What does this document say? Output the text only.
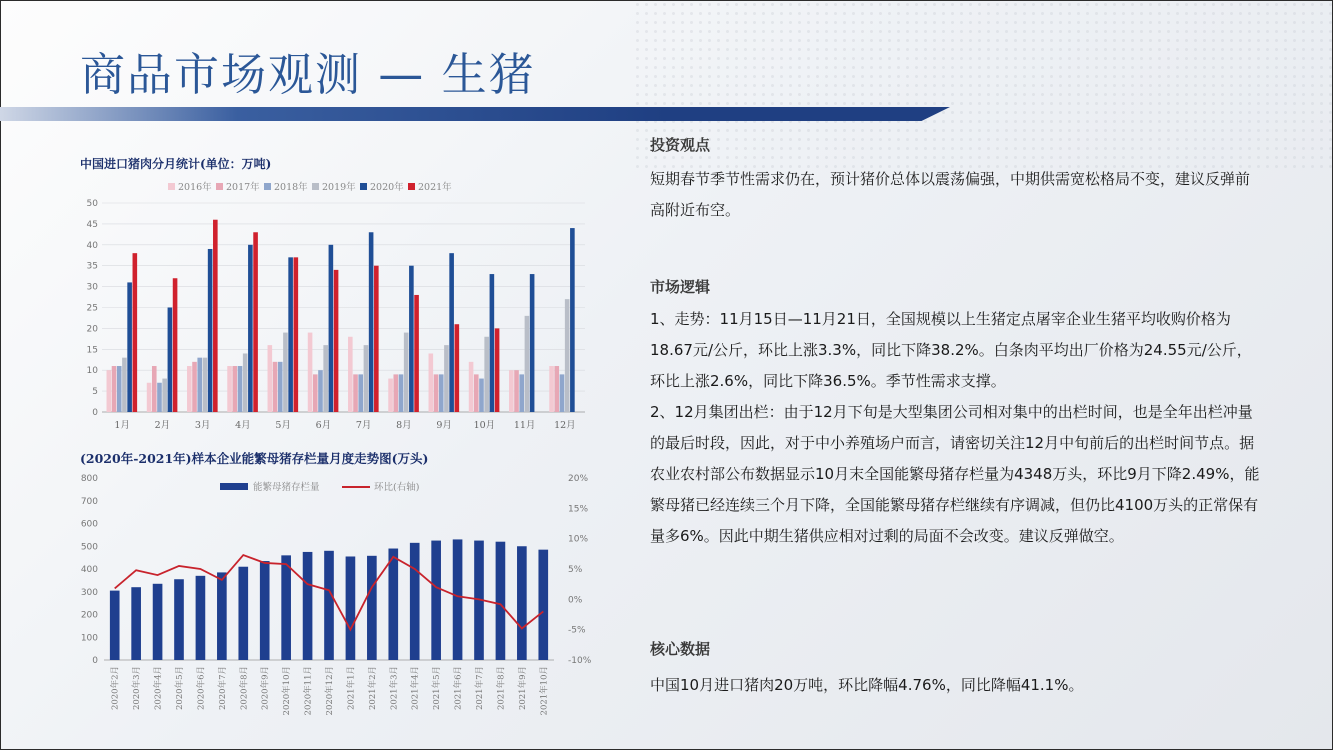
商品市场观测 — 生猪
中国进口猪肉分月统计(单位：万吨)
2016年 2017年 2018年 2019年 2020年 2021年
0
5
10
15
20
25
30
35
40
45
50
1月	2月	3月	4月	5月	6月	7月	8月	9月 10月 11月 12月
(2020年-2021年)样本企业能繁母猪存栏量月度走势图(万头)
能繁母猪存栏量	环比(右轴)
0
100
200
300
400
500
600
700
800
-10%
-5%
0%
5%
10%
15%
20%
2020年2月 2020年3月 2020年4月 2020年5月 2020年6月 2020年7月 2020年8月 2020年9月 2020年10月 2020年11月 2020年12月 2021年1月 2021年2月 2021年3月 2021年4月 2021年5月 2021年6月 2021年7月 2021年8月 2021年9月 2021年10月
投资观点
短期春节季节性需求仍在，预计猪价总体以震荡偏强，中期供需宽松格局不变，建议反弹前高附近布空。
市场逻辑
1、走势：11月15日—11月21日，全国规模以上生猪定点屠宰企业生猪平均收购价格为18.67元/公斤，环比上涨3.3%，同比下降38.2%。白条肉平均出厂价格为24.55元/公斤，环比上涨2.6%，同比下降36.5%。季节性需求支撑。
2、12月集团出栏：由于12月下旬是大型集团公司相对集中的出栏时间，也是全年出栏冲量的最后时段，因此，对于中小养殖场户而言，请密切关注12月中旬前后的出栏时间节点。据农业农村部公布数据显示10月末全国能繁母猪存栏量为4348万头，环比9月下降2.49%，能繁母猪已经连续三个月下降，全国能繁母猪存栏继续有序调减，但仍比4100万头的正常保有量多6%。因此中期生猪供应相对过剩的局面不会改变。建议反弹做空。
核心数据
中国10月进口猪肉20万吨，环比降幅4.76%，同比降幅41.1%。
